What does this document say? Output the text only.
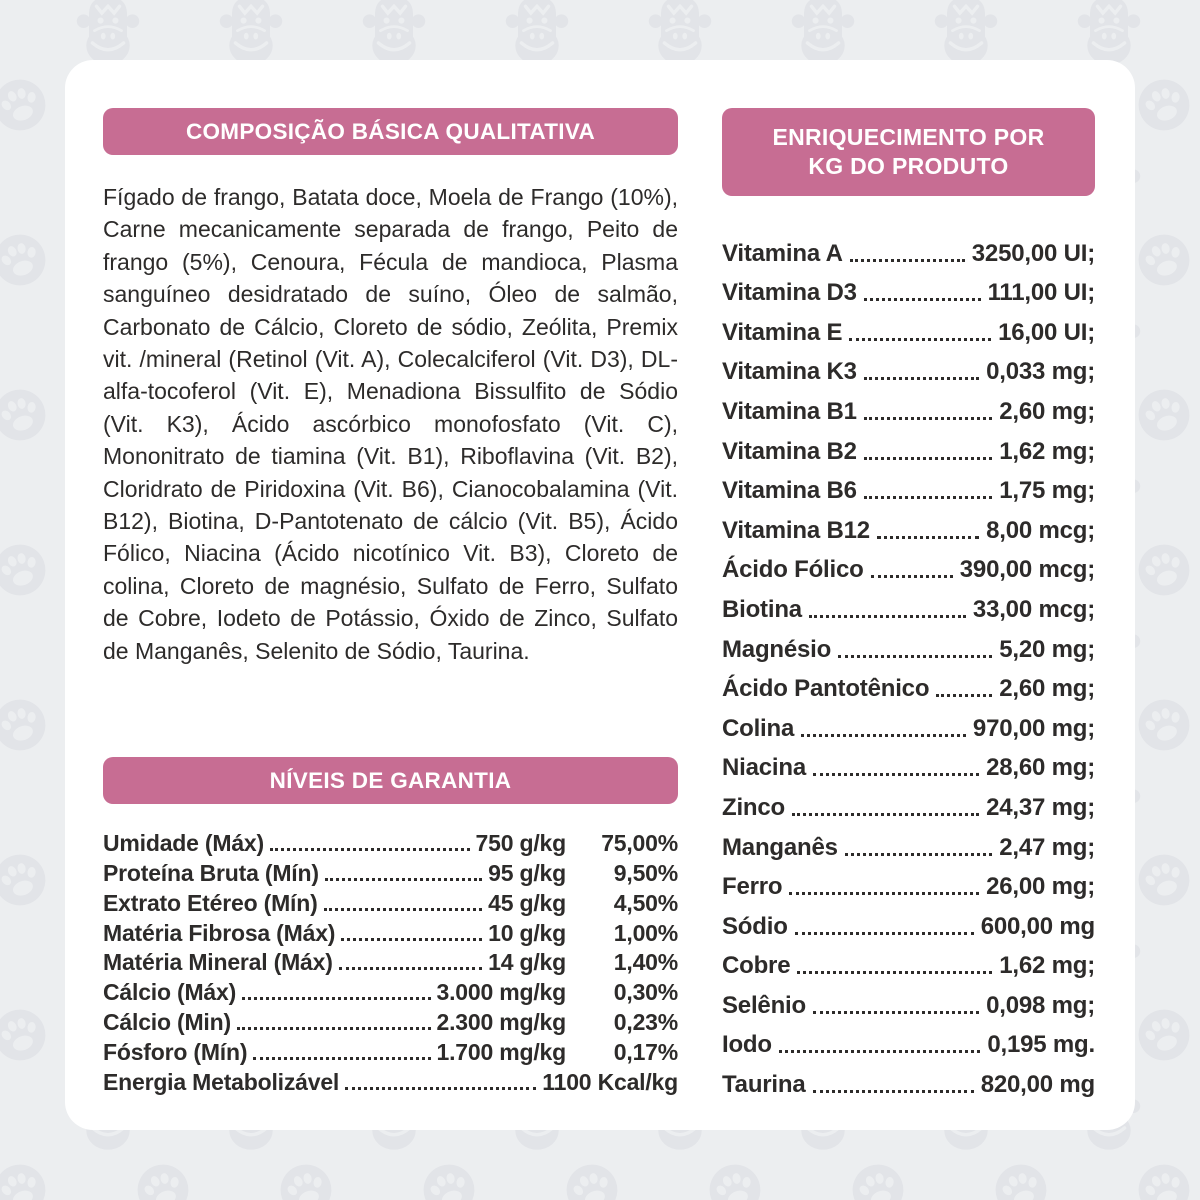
COMPOSIÇÃO BÁSICA QUALITATIVA

Fígado de frango, Batata doce, Moela de Frango (10%), Carne mecanicamente separada de frango, Peito de frango (5%), Cenoura, Fécula de mandioca, Plasma sanguíneo desidratado de suíno, Óleo de salmão, Carbonato de Cálcio, Cloreto de sódio, Zeólita, Premix vit. /mineral (Retinol (Vit. A), Colecalciferol (Vit. D3), DL-alfa-tocoferol (Vit. E), Menadiona Bissulfito de Sódio (Vit. K3), Ácido ascórbico monofosfato (Vit. C), Mononitrato de tiamina (Vit. B1), Riboflavina (Vit. B2), Cloridrato de Piridoxina (Vit. B6), Cianocobalamina (Vit. B12), Biotina, D-Pantotenato de cálcio (Vit. B5), Ácido Fólico, Niacina (Ácido nicotínico Vit. B3), Cloreto de colina, Cloreto de magnésio, Sulfato de Ferro, Sulfato de Cobre, Iodeto de Potássio, Óxido de Zinco, Sulfato de Manganês, Selenito de Sódio, Taurina.

NÍVEIS DE GARANTIA
Umidade (Máx)	750 g/kg	75,00%
Proteína Bruta (Mín)	95 g/kg	9,50%
Extrato Etéreo (Mín)	45 g/kg	4,50%
Matéria Fibrosa (Máx)	10 g/kg	1,00%
Matéria Mineral (Máx)	14 g/kg	1,40%
Cálcio (Máx)	3.000 mg/kg	0,30%
Cálcio (Min)	2.300 mg/kg	0,23%
Fósforo (Mín)	1.700 mg/kg	0,17%
Energia Metabolizável	1100 Kcal/kg
ENRIQUECIMENTO POR
KG DO PRODUTO
Vitamina A	3250,00 UI;
Vitamina D3	111,00 UI;
Vitamina E	16,00 UI;
Vitamina K3	0,033 mg;
Vitamina B1	2,60 mg;
Vitamina B2	1,62 mg;
Vitamina B6	1,75 mg;
Vitamina B12	8,00 mcg;
Ácido Fólico	390,00 mcg;
Biotina	33,00 mcg;
Magnésio	5,20 mg;
Ácido Pantotênico	2,60 mg;
Colina	970,00 mg;
Niacina	28,60 mg;
Zinco	24,37 mg;
Manganês	2,47 mg;
Ferro	26,00 mg;
Sódio	600,00 mg
Cobre	1,62 mg;
Selênio	0,098 mg;
Iodo	0,195 mg.
Taurina	820,00 mg
